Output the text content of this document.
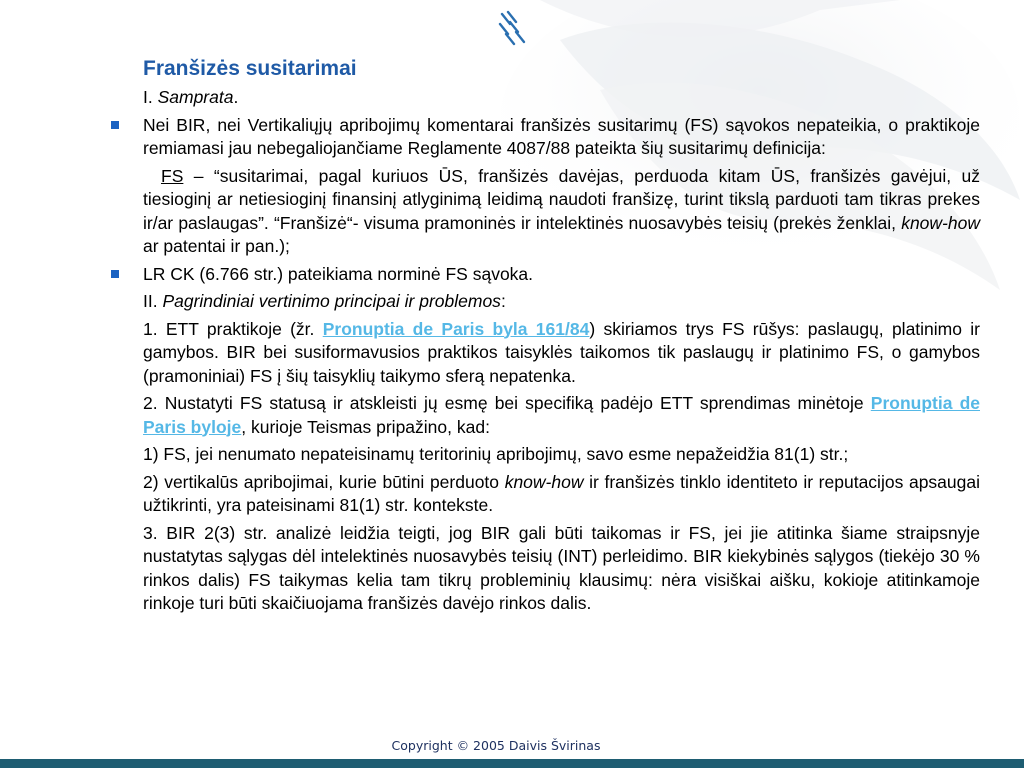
Franšizės susitarimai
I. Samprata.
Nei BIR, nei Vertikaliųjų apribojimų komentarai franšizės susitarimų (FS) sąvokos nepateikia, o praktikoje remiamasi jau nebegaliojančiame Reglamente 4087/88 pateikta šių susitarimų definicija:
FS – “susitarimai, pagal kuriuos ŪS, franšizės davėjas, perduoda kitam ŪS, franšizės gavėjui, už tiesioginį ar netiesioginį finansinį atlyginimą leidimą naudoti franšizę, turint tikslą parduoti tam tikras prekes ir/ar paslaugas”. “Franšizė“- visuma pramoninės ir intelektinės nuosavybės teisių (prekės ženklai, know-how ar patentai ir pan.);
LR CK (6.766 str.) pateikiama norminė FS sąvoka.
II. Pagrindiniai vertinimo principai ir problemos:
1. ETT praktikoje (žr. Pronuptia de Paris byla 161/84) skiriamos trys FS rūšys: paslaugų, platinimo ir gamybos. BIR bei susiformavusios praktikos taisyklės taikomos tik paslaugų ir platinimo FS, o gamybos (pramoniniai) FS į šių taisyklių taikymo sferą nepatenka.
2. Nustatyti FS statusą ir atskleisti jų esmę bei specifiką padėjo ETT sprendimas minėtoje Pronuptia de Paris byloje, kurioje Teismas pripažino, kad:
1) FS, jei nenumato nepateisinamų teritorinių apribojimų, savo esme nepažeidžia 81(1) str.;
2) vertikalūs apribojimai, kurie būtini perduoto know-how ir franšizės tinklo identiteto ir reputacijos apsaugai užtikrinti, yra pateisinami 81(1) str. kontekste.
3. BIR 2(3) str. analizė leidžia teigti, jog BIR gali būti taikomas ir FS, jei jie atitinka šiame straipsnyje nustatytas sąlygas dėl intelektinės nuosavybės teisių (INT) perleidimo. BIR kiekybinės sąlygos (tiekėjo 30 % rinkos dalis) FS taikymas kelia tam tikrų probleminių klausimų: nėra visiškai aišku, kokioje atitinkamoje rinkoje turi būti skaičiuojama franšizės davėjo rinkos dalis.
Copyright © 2005 Daivis Švirinas
